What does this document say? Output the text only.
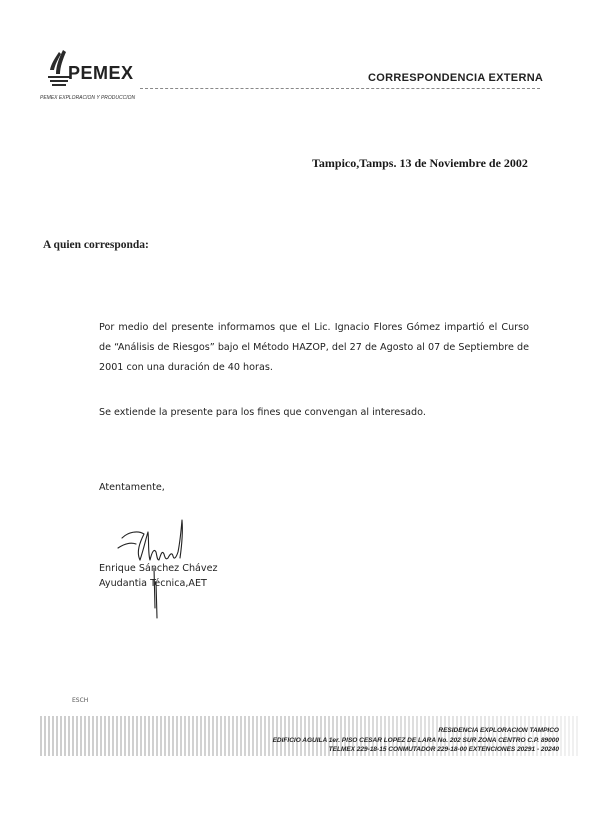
PEMEX
PEMEX EXPLORACION Y PRODUCCION
CORRESPONDENCIA EXTERNA
Tampico,Tamps. 13 de Noviembre de 2002
A quien corresponda:
Por medio del presente informamos que el Lic. Ignacio Flores Gómez impartió el Curso de “Análisis de Riesgos” bajo el Método HAZOP, del 27 de Agosto al 07 de Septiembre de 2001 con una duración de 40 horas.
Se extiende la presente para los fines que convengan al interesado.
Atentamente,
Enrique Sánchez Chávez
Ayudantia Técnica,AET
ESCH
RESIDENCIA EXPLORACION TAMPICO
EDIFICIO AGUILA 1er. PISO CESAR LOPEZ DE LARA No. 202 SUR ZONA CENTRO C.P. 89000
TELMEX 229-18-15 CONMUTADOR 229-18-00 EXTENCIONES 20291 - 20240
